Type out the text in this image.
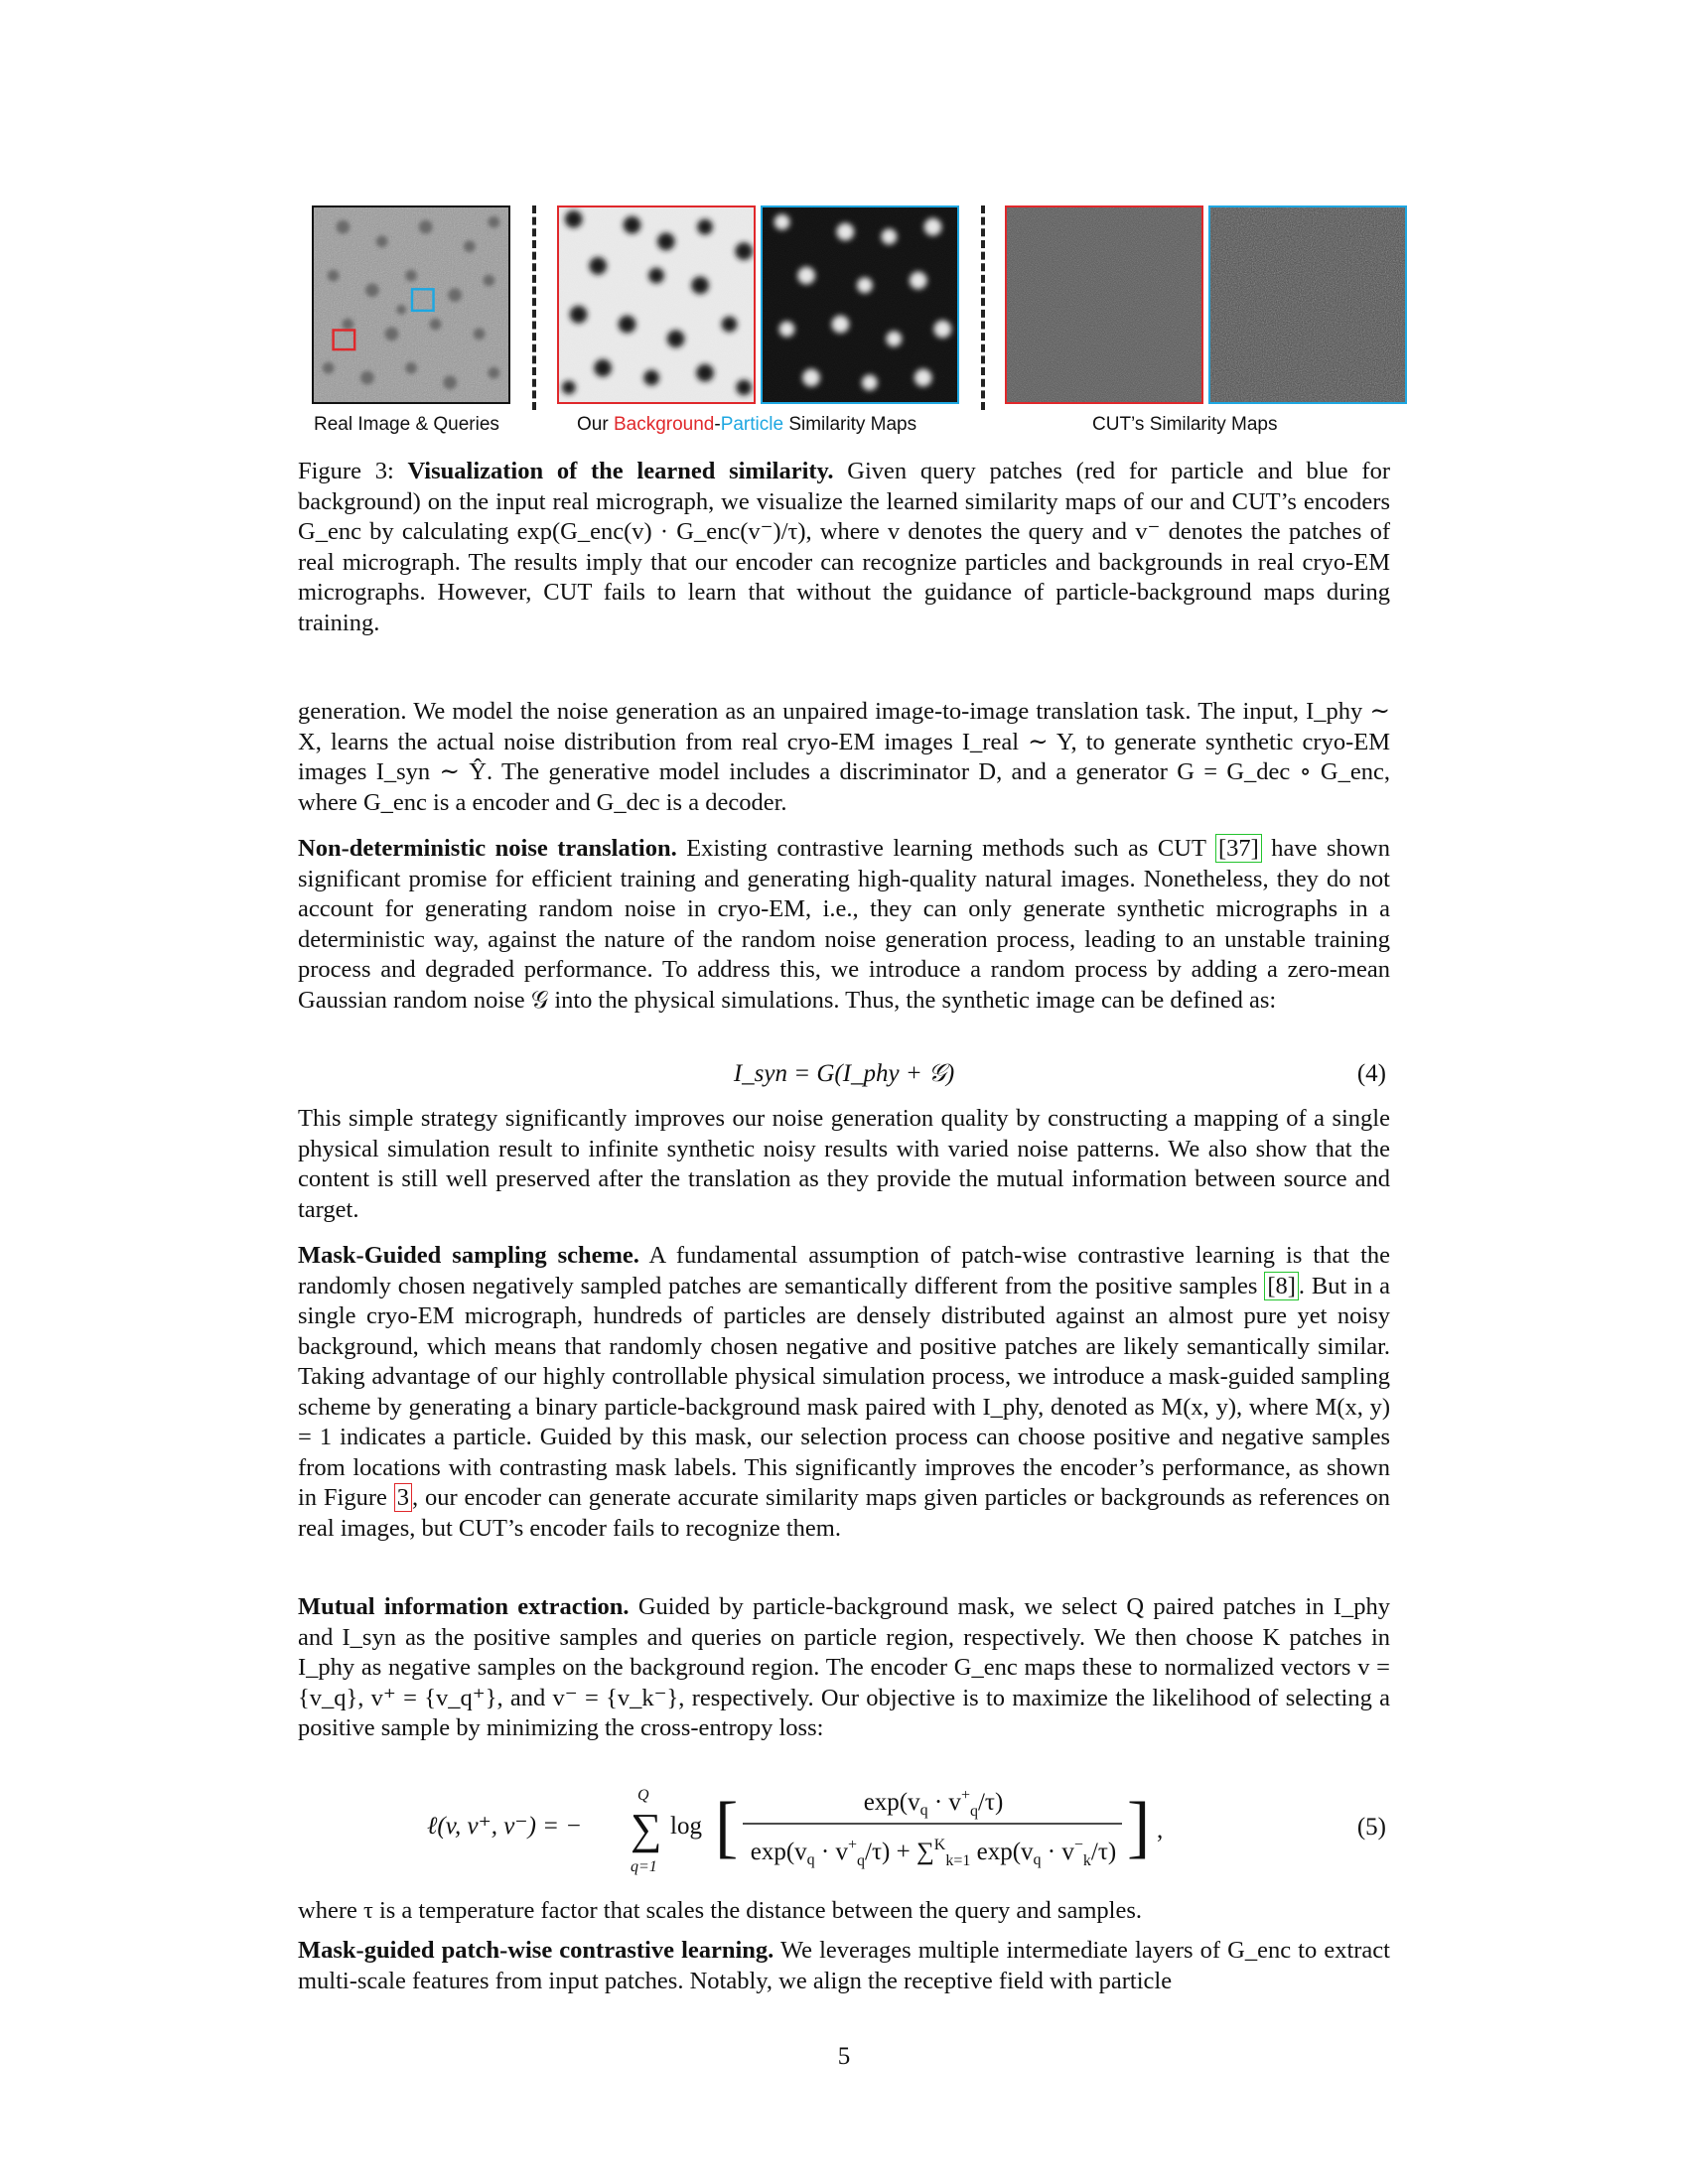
Real Image & Queries	Our Background-Particle Similarity Maps	CUT’s Similarity Maps
Figure 3: Visualization of the learned similarity. Given query patches (red for particle and blue for background) on the input real micrograph, we visualize the learned similarity maps of our and CUT’s encoders G_enc by calculating exp(G_enc(v) · G_enc(v⁻)/τ), where v denotes the query and v⁻ denotes the patches of real micrograph. The results imply that our encoder can recognize particles and backgrounds in real cryo-EM micrographs. However, CUT fails to learn that without the guidance of particle-background maps during training.

generation. We model the noise generation as an unpaired image-to-image translation task. The input, I_phy ∼ X, learns the actual noise distribution from real cryo-EM images I_real ∼ Y, to generate synthetic cryo-EM images I_syn ∼ Ŷ. The generative model includes a discriminator D, and a generator G = G_dec ∘ G_enc, where G_enc is a encoder and G_dec is a decoder.

Non-deterministic noise translation. Existing contrastive learning methods such as CUT [37] have shown significant promise for efficient training and generating high-quality natural images. Nonetheless, they do not account for generating random noise in cryo-EM, i.e., they can only generate synthetic micrographs in a deterministic way, against the nature of the random noise generation process, leading to an unstable training process and degraded performance. To address this, we introduce a random process by adding a zero-mean Gaussian random noise 𝒢 into the physical simulations. Thus, the synthetic image can be defined as:

I_syn = G(I_phy + 𝒢)	(4)

This simple strategy significantly improves our noise generation quality by constructing a mapping of a single physical simulation result to infinite synthetic noisy results with varied noise patterns. We also show that the content is still well preserved after the translation as they provide the mutual information between source and target.

Mask-Guided sampling scheme. A fundamental assumption of patch-wise contrastive learning is that the randomly chosen negatively sampled patches are semantically different from the positive samples [8] . But in a single cryo-EM micrograph, hundreds of particles are densely distributed against an almost pure yet noisy background, which means that randomly chosen negative and positive patches are likely semantically similar. Taking advantage of our highly controllable physical simulation process, we introduce a mask-guided sampling scheme by generating a binary particle-background mask paired with I_phy, denoted as M(x, y), where M(x, y) = 1 indicates a particle. Guided by this mask, our selection process can choose positive and negative samples from locations with contrasting mask labels. This significantly improves the encoder’s performance, as shown in Figure 3 , our encoder can generate accurate similarity maps given particles or backgrounds as references on real images, but CUT’s encoder fails to recognize them.

Mutual information extraction. Guided by particle-background mask, we select Q paired patches in I_phy and I_syn as the positive samples and queries on particle region, respectively. We then choose K patches in I_phy as negative samples on the background region. The encoder G_enc maps these to normalized vectors v = {v_q}, v⁺ = {v_q⁺}, and v⁻ = {v_k⁻}, respectively. Our objective is to maximize the likelihood of selecting a positive sample by minimizing the cross-entropy loss:

ℓ(v, v⁺, v⁻) = − ∑
Q
q=1
log [	$\exp(v_q \cdot v^+_q/\tau)$
$\exp(v_q \cdot v^+_q/\tau) + \sum^K_{k=1}$ $\exp(v_q \cdot v^-_k/\tau)$ ] ,	(5)

where τ is a temperature factor that scales the distance between the query and samples.

Mask-guided patch-wise contrastive learning. We leverages multiple intermediate layers of G_enc to extract multi-scale features from input patches. Notably, we align the receptive field with particle

5
